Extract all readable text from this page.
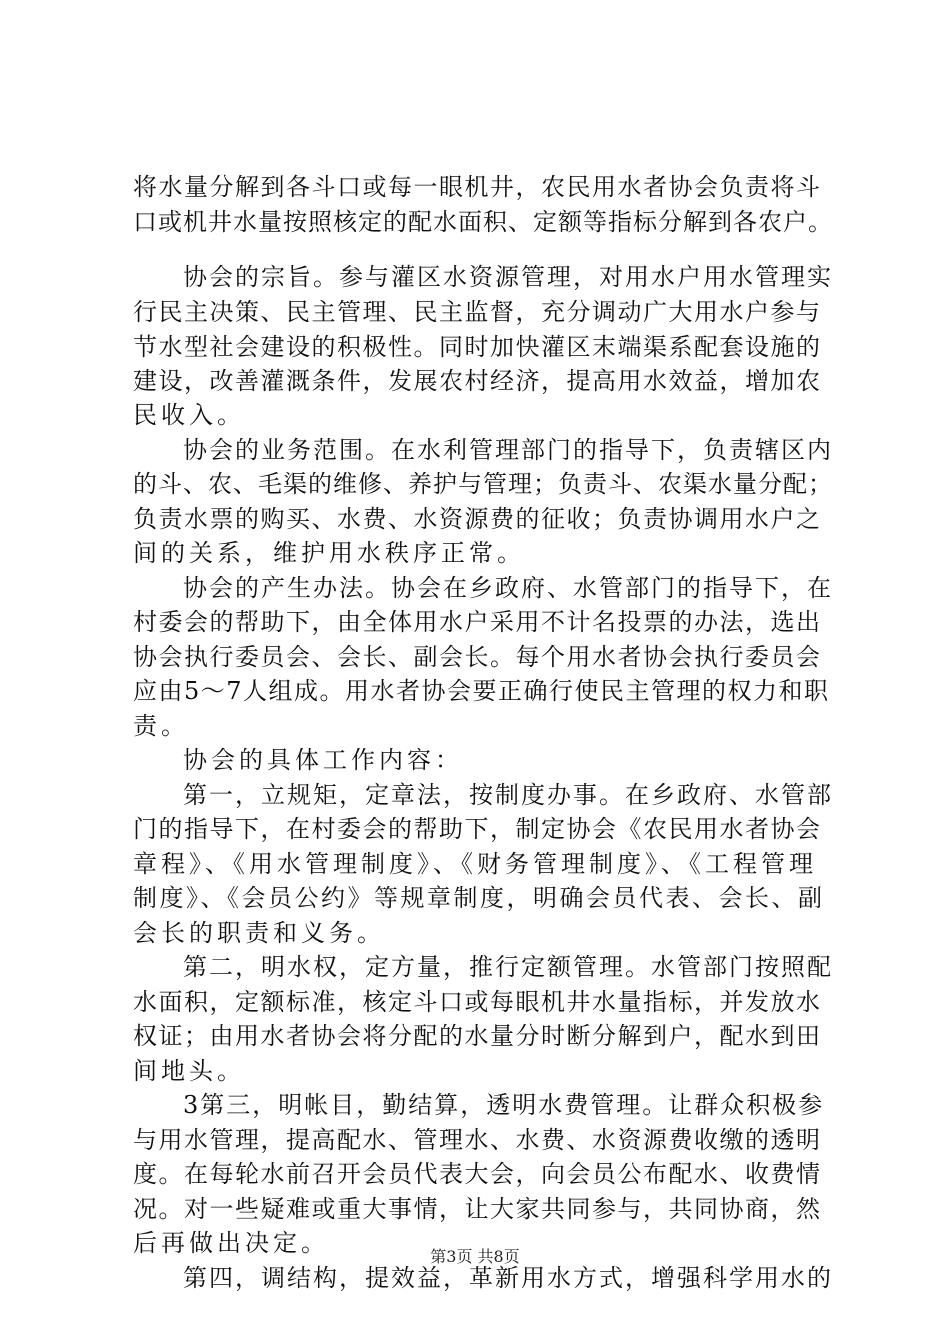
将水量分解到各斗口或每一眼机井，农民用水者协会负责将斗
口或机井水量按照核定的配水面积、定额等指标分解到各农户。
协会的宗旨。参与灌区水资源管理，对用水户用水管理实
行民主决策、民主管理、民主监督，充分调动广大用水户参与
节水型社会建设的积极性。同时加快灌区末端渠系配套设施的
建设，改善灌溉条件，发展农村经济，提高用水效益，增加农
民收入。
协会的业务范围。在水利管理部门的指导下，负责辖区内
的斗、农、毛渠的维修、养护与管理；负责斗、农渠水量分配；
负责水票的购买、水费、水资源费的征收；负责协调用水户之
间的关系，维护用水秩序正常。
协会的产生办法。协会在乡政府、水管部门的指导下，在
村委会的帮助下，由全体用水户采用不计名投票的办法，选出
协会执行委员会、会长、副会长。每个用水者协会执行委员会
应由5～7人组成。用水者协会要正确行使民主管理的权力和职
责。
协会的具体工作内容：
第一，立规矩，定章法，按制度办事。在乡政府、水管部
门的指导下，在村委会的帮助下，制定协会《农民用水者协会
章程》、《用水管理制度》、《财务管理制度》、《工程管理
制度》、《会员公约》等规章制度，明确会员代表、会长、副
会长的职责和义务。
第二，明水权，定方量，推行定额管理。水管部门按照配
水面积，定额标准，核定斗口或每眼机井水量指标，并发放水
权证；由用水者协会将分配的水量分时断分解到户，配水到田
间地头。
3第三，明帐目，勤结算，透明水费管理。让群众积极参
与用水管理，提高配水、管理水、水费、水资源费收缴的透明
度。在每轮水前召开会员代表大会，向会员公布配水、收费情
况。对一些疑难或重大事情，让大家共同参与，共同协商，然
后再做出决定。
第四，调结构，提效益，革新用水方式，增强科学用水的
第3页 共8页
